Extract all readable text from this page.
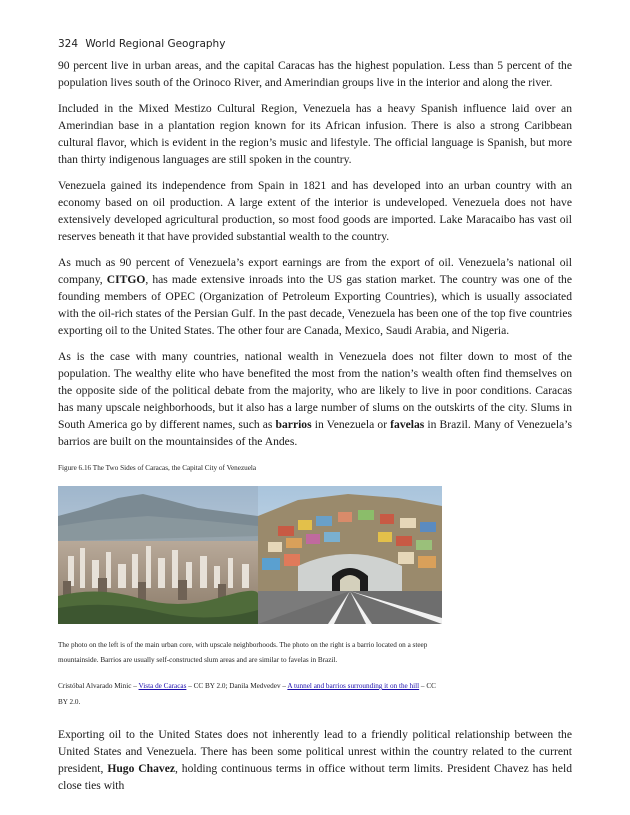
324 World Regional Geography

90 percent live in urban areas, and the capital Caracas has the highest population. Less than 5 percent of the population lives south of the Orinoco River, and Amerindian groups live in the interior and along the river.

Included in the Mixed Mestizo Cultural Region, Venezuela has a heavy Spanish influence laid over an Amerindian base in a plantation region known for its African infusion. There is also a strong Caribbean cultural flavor, which is evident in the region’s music and lifestyle. The official language is Spanish, but more than thirty indigenous languages are still spoken in the country.

Venezuela gained its independence from Spain in 1821 and has developed into an urban country with an economy based on oil production. A large extent of the interior is undeveloped. Venezuela does not have extensively developed agricultural production, so most food goods are imported. Lake Maracaibo has vast oil reserves beneath it that have provided substantial wealth to the country.

As much as 90 percent of Venezuela’s export earnings are from the export of oil. Venezuela’s national oil company, CITGO, has made extensive inroads into the US gas station market. The country was one of the founding members of OPEC (Organization of Petroleum Exporting Countries), which is usually associated with the oil-rich states of the Persian Gulf. In the past decade, Venezuela has been one of the top five countries exporting oil to the United States. The other four are Canada, Mexico, Saudi Arabia, and Nigeria.

As is the case with many countries, national wealth in Venezuela does not filter down to most of the population. The wealthy elite who have benefited the most from the nation’s wealth often find themselves on the opposite side of the political debate from the majority, who are likely to live in poor conditions. Caracas has many upscale neighborhoods, but it also has a large number of slums on the outskirts of the city. Slums in South America go by different names, such as barrios in Venezuela or favelas in Brazil. Many of Venezuela’s barrios are built on the mountainsides of the Andes.

Figure 6.16 The Two Sides of Caracas, the Capital City of Venezuela
The photo on the left is of the main urban core, with upscale neighborhoods. The photo on the right is a barrio located on a steep mountainside. Barrios are usually self-constructed slum areas and are similar to favelas in Brazil.
Cristóbal Alvarado Minic – Vista de Caracas – CC BY 2.0; Danila Medvedev – A tunnel and barrios surrounding it on the hill – CC BY 2.0.

Exporting oil to the United States does not inherently lead to a friendly political relationship between the United States and Venezuela. There has been some political unrest within the country related to the current president, Hugo Chavez, holding continuous terms in office without term limits. President Chavez has held close ties with
